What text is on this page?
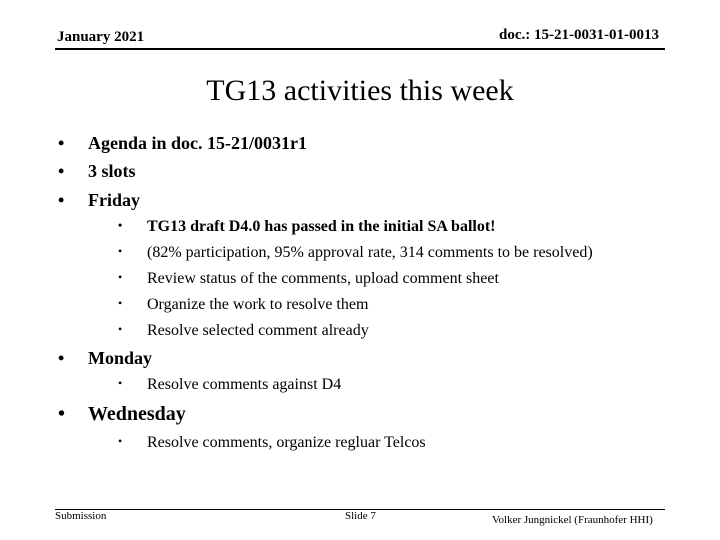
January 2021	doc.: 15-21-0031-01-0013
TG13 activities this week
• Agenda in doc. 15-21/0031r1
• 3 slots
• Friday
• TG13 draft D4.0 has passed in the initial SA ballot!
• (82% participation, 95% approval rate, 314 comments to be resolved)
• Review status of the comments, upload comment sheet
• Organize the work to resolve them
• Resolve selected comment already
• Monday
• Resolve comments against D4
• Wednesday
• Resolve comments, organize regluar Telcos
Submission	Slide 7	Volker Jungnickel (Fraunhofer HHI)
